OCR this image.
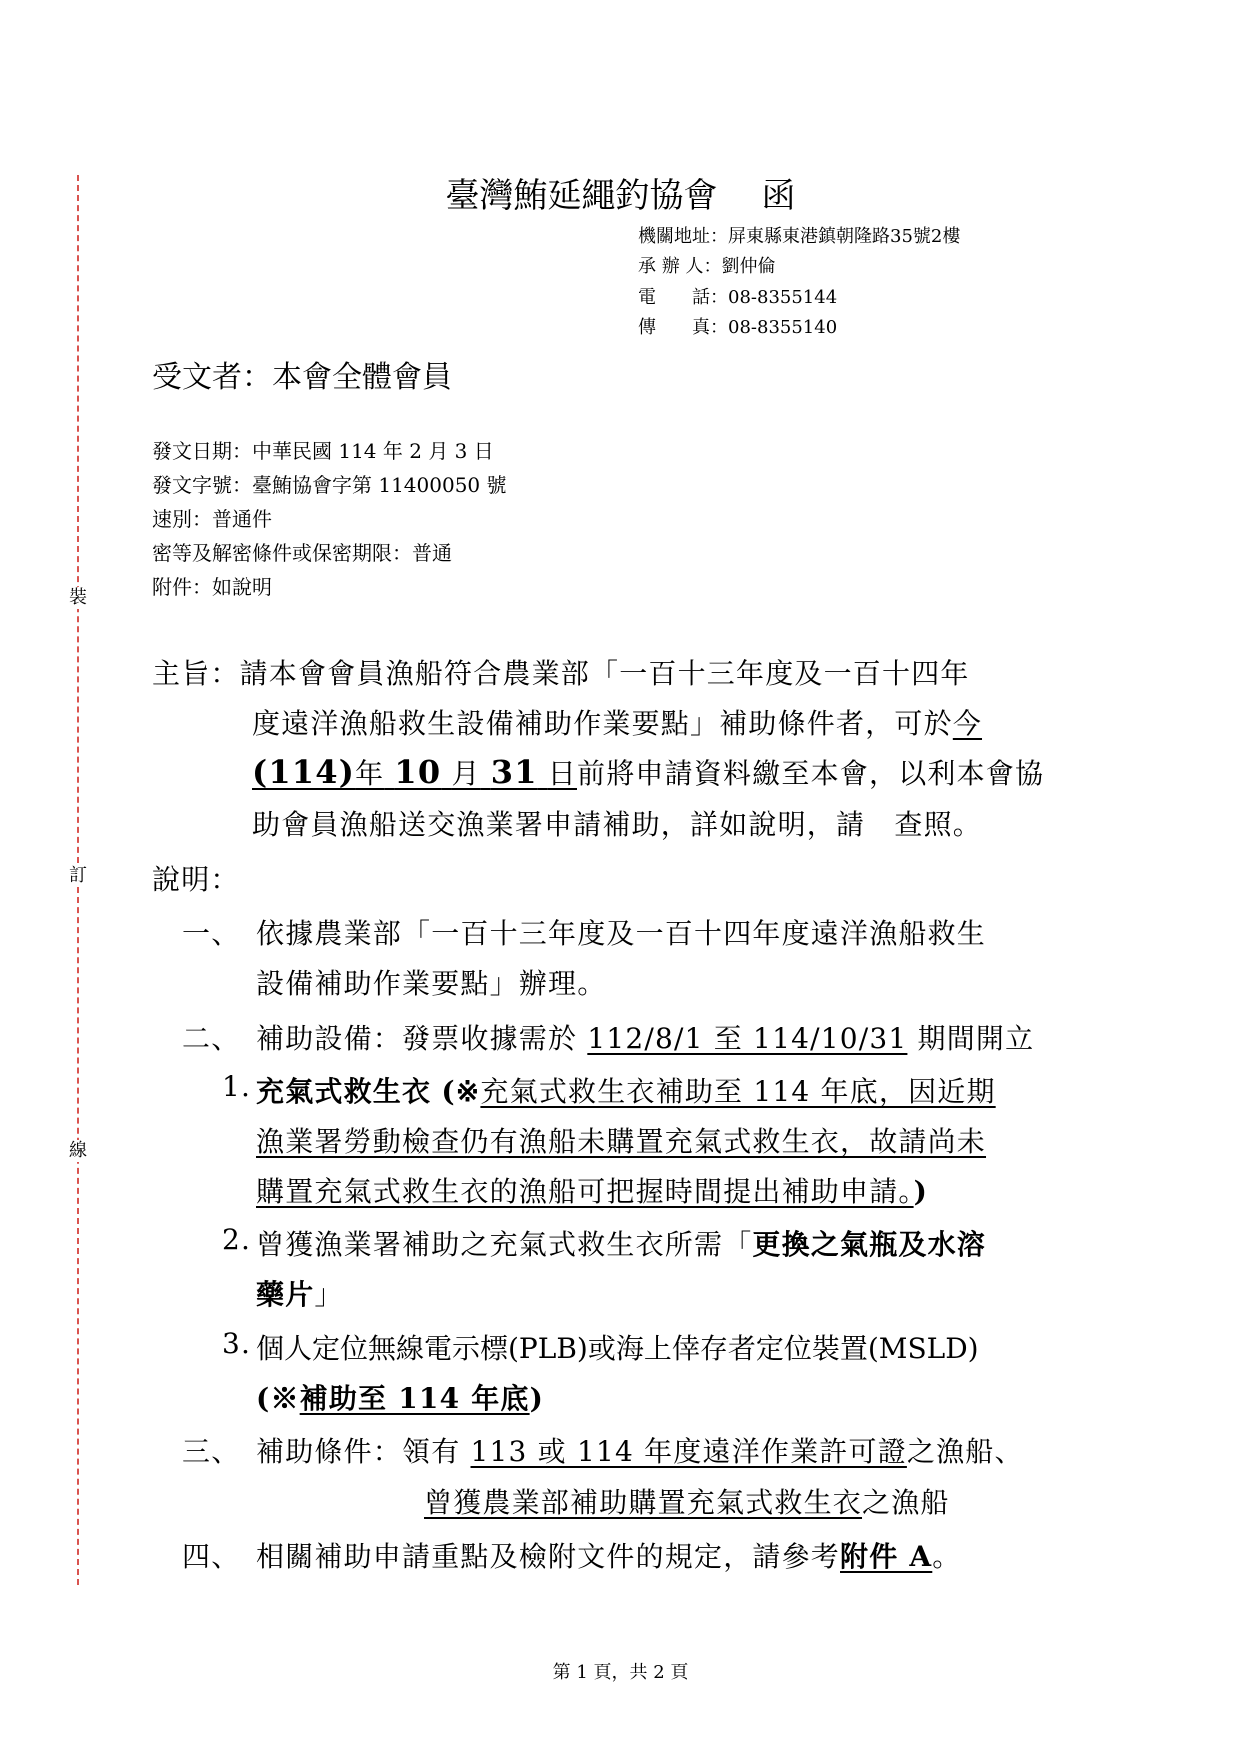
裝
訂
線
臺灣鮪延繩釣協會 函
機關地址：屏東縣東港鎮朝隆路35號2樓
承 辦 人：劉仲倫
電　　話：08-8355144
傳　　真：08-8355140
受文者：本會全體會員
發文日期：中華民國 114 年 2 月 3 日
發文字號：臺鮪協會字第 11400050 號
速別：普通件
密等及解密條件或保密期限：普通
附件：如說明
主旨：請本會會員漁船符合農業部「一百十三年度及一百十四年
度遠洋漁船救生設備補助作業要點」補助條件者，可於今
(114)年 10 月 31 日前將申請資料繳至本會，以利本會協
助會員漁船送交漁業署申請補助，詳如說明，請　查照。
說明：
一、 依據農業部「一百十三年度及一百十四年度遠洋漁船救生
設備補助作業要點」辦理。
二、 補助設備：發票收據需於 112/8/1 至 114/10/31 期間開立
1. 充氣式救生衣 (※充氣式救生衣補助至 114 年底，因近期
漁業署勞動檢查仍有漁船未購置充氣式救生衣，故請尚未
購置充氣式救生衣的漁船可把握時間提出補助申請。)
2. 曾獲漁業署補助之充氣式救生衣所需「更換之氣瓶及水溶
藥片」
3. 個人定位無線電示標(PLB)或海上倖存者定位裝置(MSLD)
(※補助至 114 年底)
三、 補助條件：領有 113 或 114 年度遠洋作業許可證之漁船、
曾獲農業部補助購置充氣式救生衣之漁船
四、 相關補助申請重點及檢附文件的規定，請參考附件 A。
第 1 頁，共 2 頁
